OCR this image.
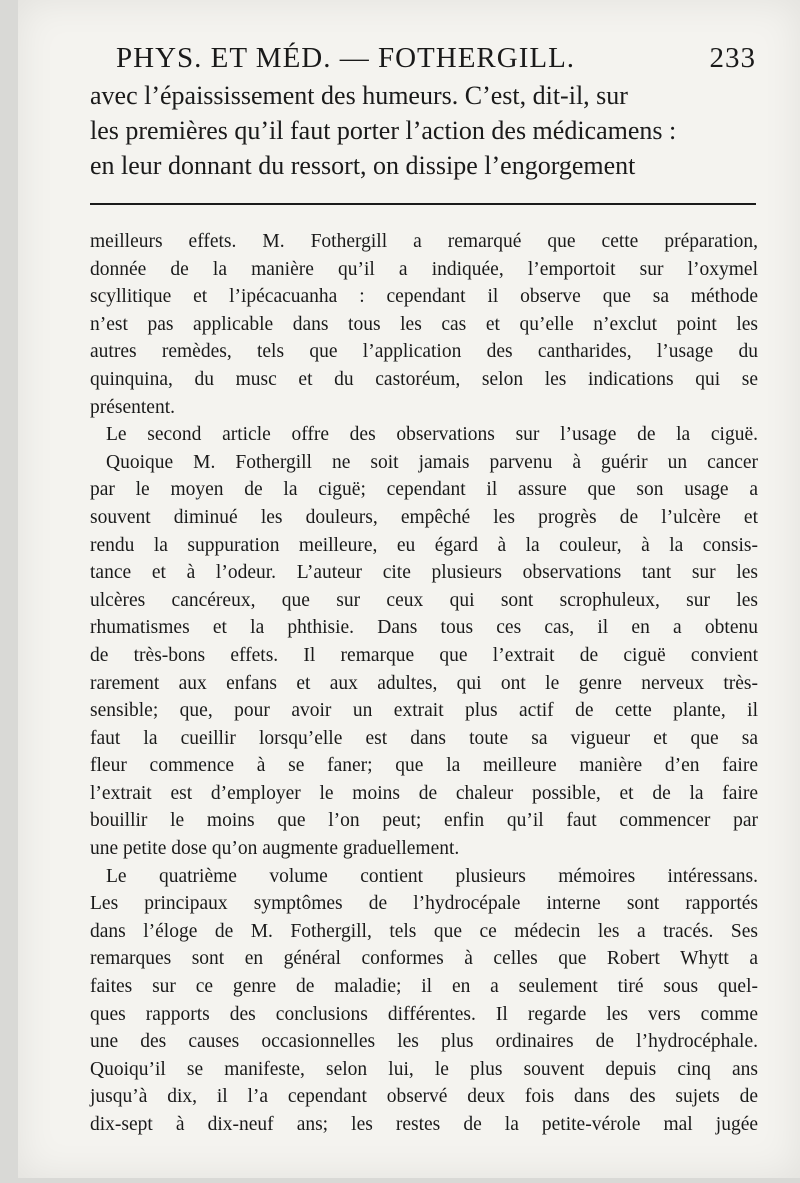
PHYS. ET MÉD. — FOTHERGILL.	233
avec l’épaississement des humeurs. C’est, dit-il, sur
les premières qu’il faut porter l’action des médicamens :
en leur donnant du ressort, on dissipe l’engorgement
meilleurs effets. M. Fothergill a remarqué que cette préparation,
donnée de la manière qu’il a indiquée, l’emportoit sur l’oxymel
scyllitique et l’ipécacuanha : cependant il observe que sa méthode
n’est pas applicable dans tous les cas et qu’elle n’exclut point les
autres remèdes, tels que l’application des cantharides, l’usage du
quinquina, du musc et du castoréum, selon les indications qui se
présentent.
Le second article offre des observations sur l’usage de la ciguë.
Quoique M. Fothergill ne soit jamais parvenu à guérir un cancer
par le moyen de la ciguë; cependant il assure que son usage a
souvent diminué les douleurs, empêché les progrès de l’ulcère et
rendu la suppuration meilleure, eu égard à la couleur, à la consis-
tance et à l’odeur. L’auteur cite plusieurs observations tant sur les
ulcères cancéreux, que sur ceux qui sont scrophuleux, sur les
rhumatismes et la phthisie. Dans tous ces cas, il en a obtenu
de très-bons effets. Il remarque que l’extrait de ciguë convient
rarement aux enfans et aux adultes, qui ont le genre nerveux très-
sensible; que, pour avoir un extrait plus actif de cette plante, il
faut la cueillir lorsqu’elle est dans toute sa vigueur et que sa
fleur commence à se faner; que la meilleure manière d’en faire
l’extrait est d’employer le moins de chaleur possible, et de la faire
bouillir le moins que l’on peut; enfin qu’il faut commencer par
une petite dose qu’on augmente graduellement.
Le quatrième volume contient plusieurs mémoires intéressans.
Les principaux symptômes de l’hydrocépale interne sont rapportés
dans l’éloge de M. Fothergill, tels que ce médecin les a tracés. Ses
remarques sont en général conformes à celles que Robert Whytt a
faites sur ce genre de maladie; il en a seulement tiré sous quel-
ques rapports des conclusions différentes. Il regarde les vers comme
une des causes occasionnelles les plus ordinaires de l’hydrocéphale.
Quoiqu’il se manifeste, selon lui, le plus souvent depuis cinq ans
jusqu’à dix, il l’a cependant observé deux fois dans des sujets de
dix-sept à dix-neuf ans; les restes de la petite-vérole mal jugée
